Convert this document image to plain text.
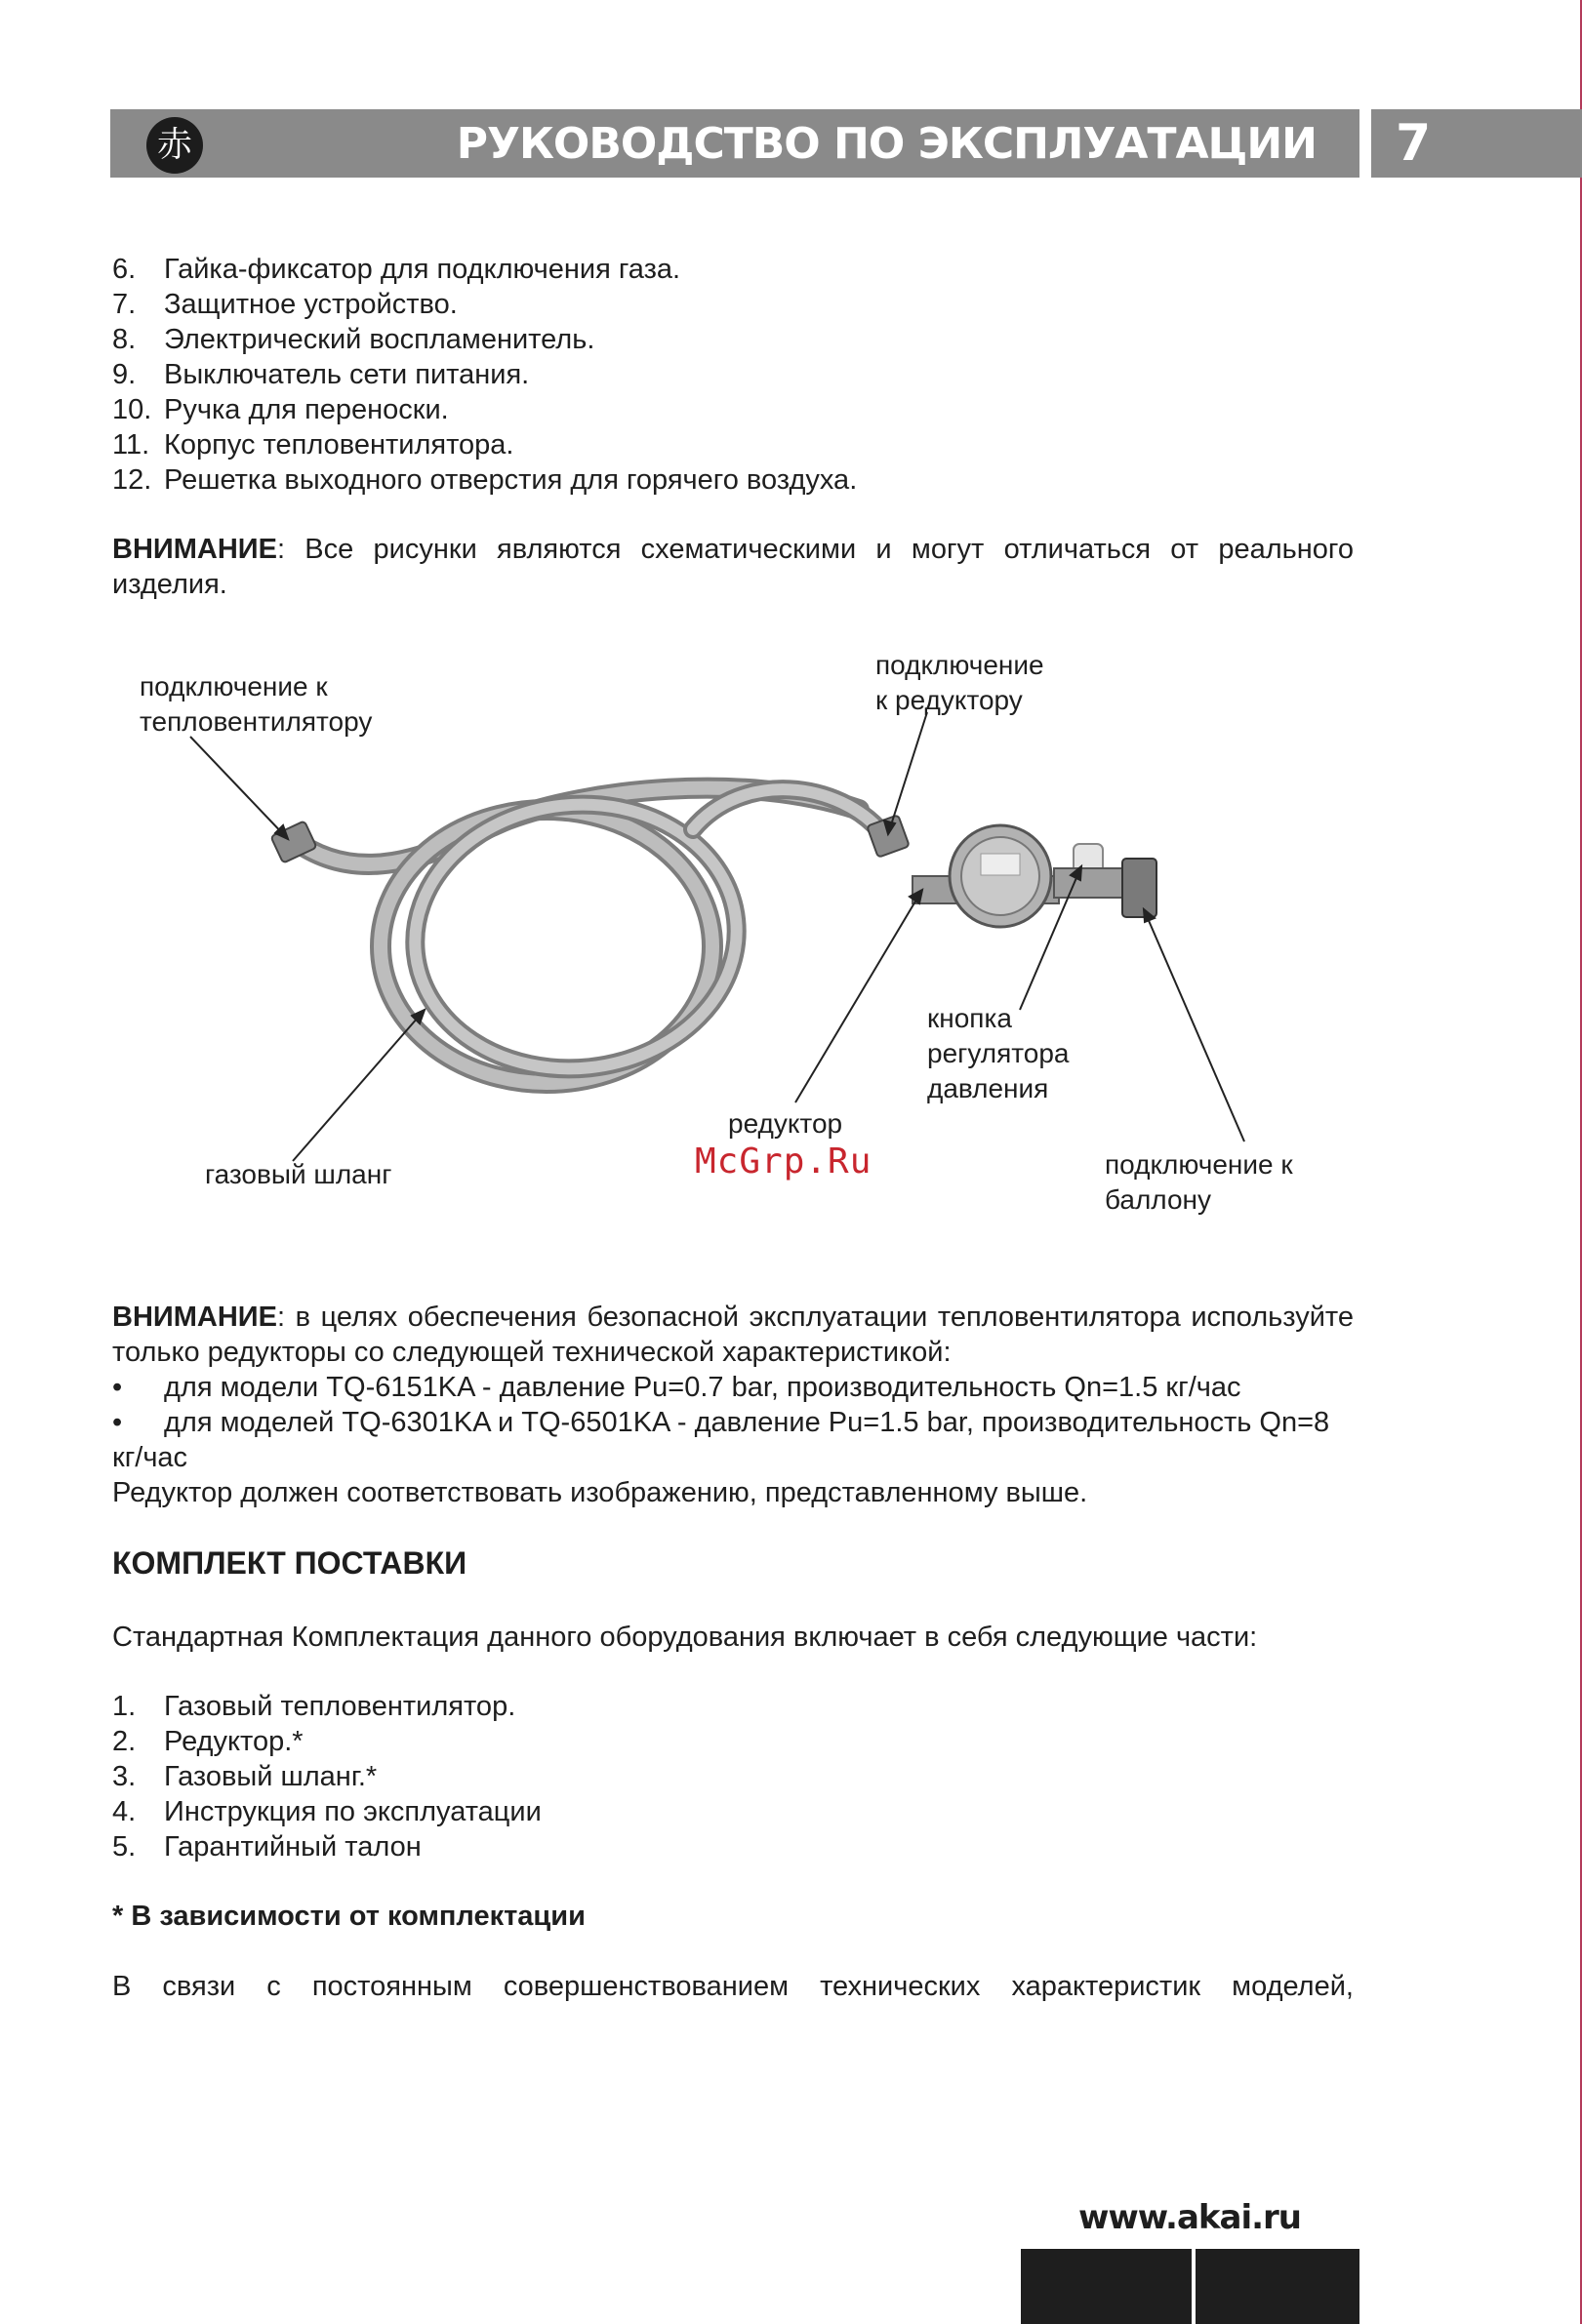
赤	РУКОВОДСТВО ПО ЭКСПЛУАТАЦИИ 7
6. Гайка-фиксатор для подключения газа.
7. Защитное устройство.
8. Электрический воспламенитель.
9. Выключатель сети питания.
10. Ручка для переноски.
11. Корпус тепловентилятора.
12. Решетка выходного отверстия для горячего воздуха.

ВНИМАНИЕ: Все рисунки являются схематическими и могут отличаться от реального изделия.

подключение к
тепловентилятору
подключение
к редуктору
кнопка
регулятора
давления
редуктор
газовый шланг	подключение к
баллону
McGrp.Ru
ВНИМАНИЕ: в целях обеспечения безопасной эксплуатации тепловентилятора используйте только редукторы со следующей технической характеристикой:
• для модели TQ-6151KA - давление Pu=0.7 bar, производительность Qn=1.5 кг/час
• для моделей TQ-6301KA и TQ-6501KA - давление Pu=1.5 bar, производительность Qn=8
кг/час
Редуктор должен соответствовать изображению, представленному выше.
КОМПЛЕКТ ПОСТАВКИ

Стандартная Комплектация данного оборудования включает в себя следующие части:

1. Газовый тепловентилятор.
2. Редуктор.*
3. Газовый шланг.*
4. Инструкция по эксплуатации
5. Гарантийный талон

* В зависимости от комплектации

В связи с постоянным совершенствованием технических характеристик моделей,

www.akai.ru
